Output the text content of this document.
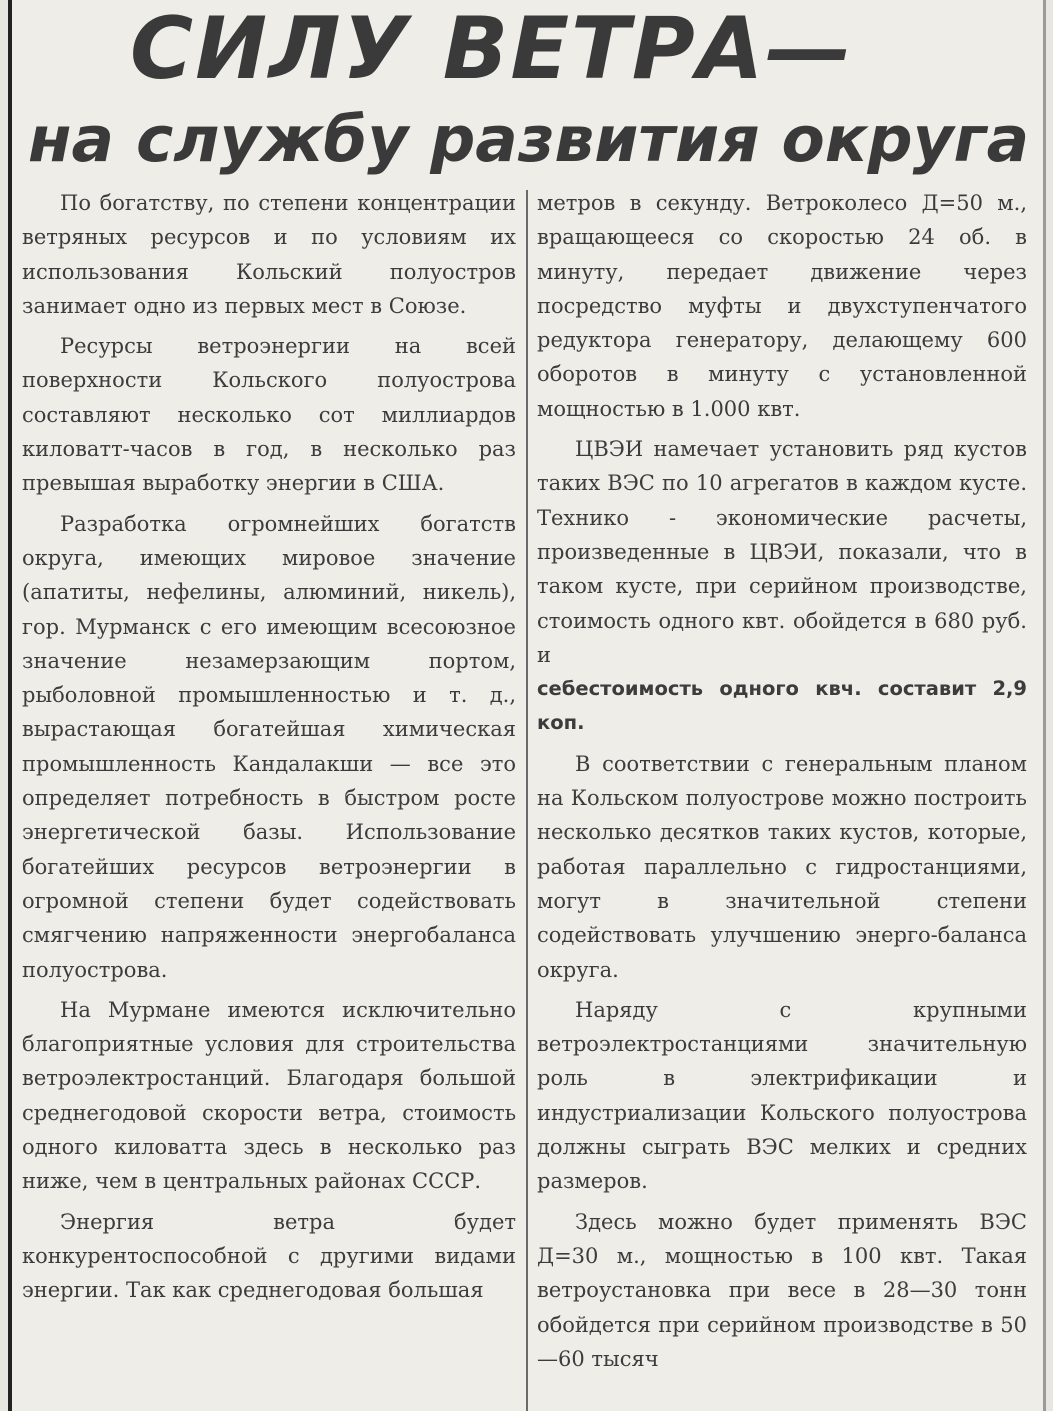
СИЛУ ВЕТРА—
на службу развития округа

По богатству, по степени концентрации ветряных ресурсов и по условиям их использования Кольский полуостров занимает одно из первых мест в Союзе.

Ресурсы ветроэнергии на всей поверхности Кольского полуострова составляют несколько сот миллиардов киловатт-часов в год, в несколько раз превышая выработку энергии в США.

Разработка огромнейших богатств округа, имеющих мировое значение (апатиты, нефелины, алюминий, никель), гор. Мурманск с его имеющим всесоюзное значение незамерзающим портом, рыболовной промышленностью и т. д., вырастающая богатейшая химическая промышленность Кандалакши — все это определяет потребность в быстром росте энергетической базы. Использование богатейших ресурсов ветроэнергии в огромной степени будет содействовать смягчению напряженности энергобаланса полуострова.

На Мурмане имеются исключительно благоприятные условия для строительства ветроэлектростанций. Благодаря большой среднегодовой скорости ветра, стоимость одного киловатта здесь в несколько раз ниже, чем в центральных районах СССР.

Энергия ветра будет конкурентоспособной с другими видами энергии. Так как среднегодовая большая

метров в секунду. Ветроколесо Д=50 м., вращающееся со скоростью 24 об. в минуту, передает движение через посредство муфты и двухступенчатого редуктора генератору, делающему 600 оборотов в минуту с установленной мощностью в 1.000 квт.

ЦВЭИ намечает установить ряд кустов таких ВЭС по 10 агрегатов в каждом кусте. Технико - экономические расчеты, произведенные в ЦВЭИ, показали, что в таком кусте, при серийном производстве, стоимость одного квт. обойдется в 680 руб. и

себестоимость одного квч. составит 2,9 коп.

В соответствии с генеральным планом на Кольском полуострове можно построить несколько десятков таких кустов, которые, работая параллельно с гидростанциями, могут в значительной степени содействовать улучшению энерго-баланса округа.

Наряду с крупными ветроэлектростанциями значительную роль в электрификации и индустриализации Кольского полуострова должны сыграть ВЭС мелких и средних размеров.

Здесь можно будет применять ВЭС Д=30 м., мощностью в 100 квт. Такая ветроустановка при весе в 28—30 тонн обойдется при серийном производстве в 50—60 тысяч
